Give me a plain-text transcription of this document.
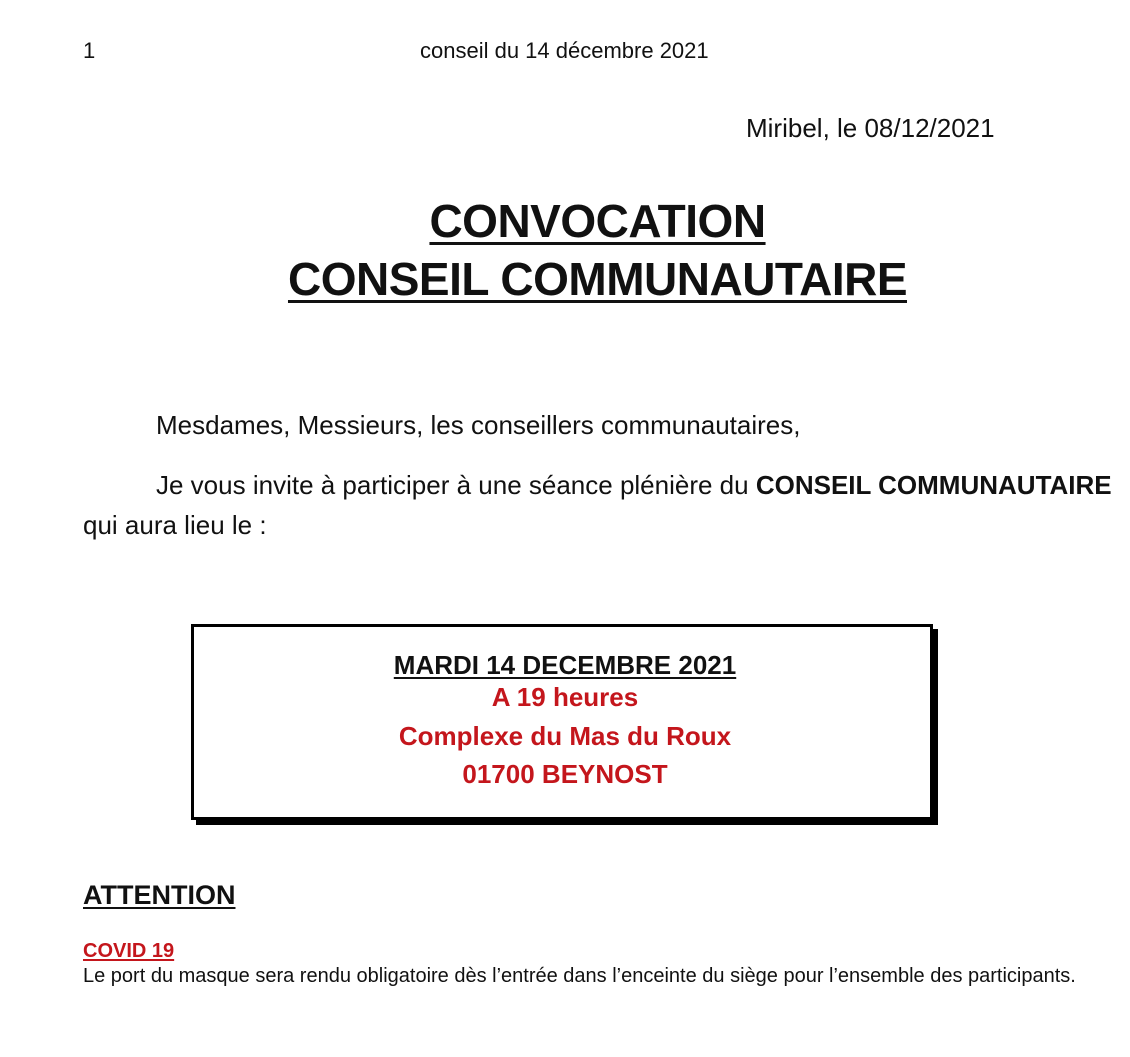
1	conseil du 14 décembre 2021
Miribel, le 08/12/2021
CONVOCATION
CONSEIL COMMUNAUTAIRE
Mesdames, Messieurs, les conseillers communautaires,
Je vous invite à participer à une séance plénière du CONSEIL COMMUNAUTAIRE
qui aura lieu le :
MARDI 14 DECEMBRE 2021
A 19 heures
Complexe du Mas du Roux
01700 BEYNOST
ATTENTION
COVID 19
Le port du masque sera rendu obligatoire dès l’entrée dans l’enceinte du siège pour l’ensemble des participants.
